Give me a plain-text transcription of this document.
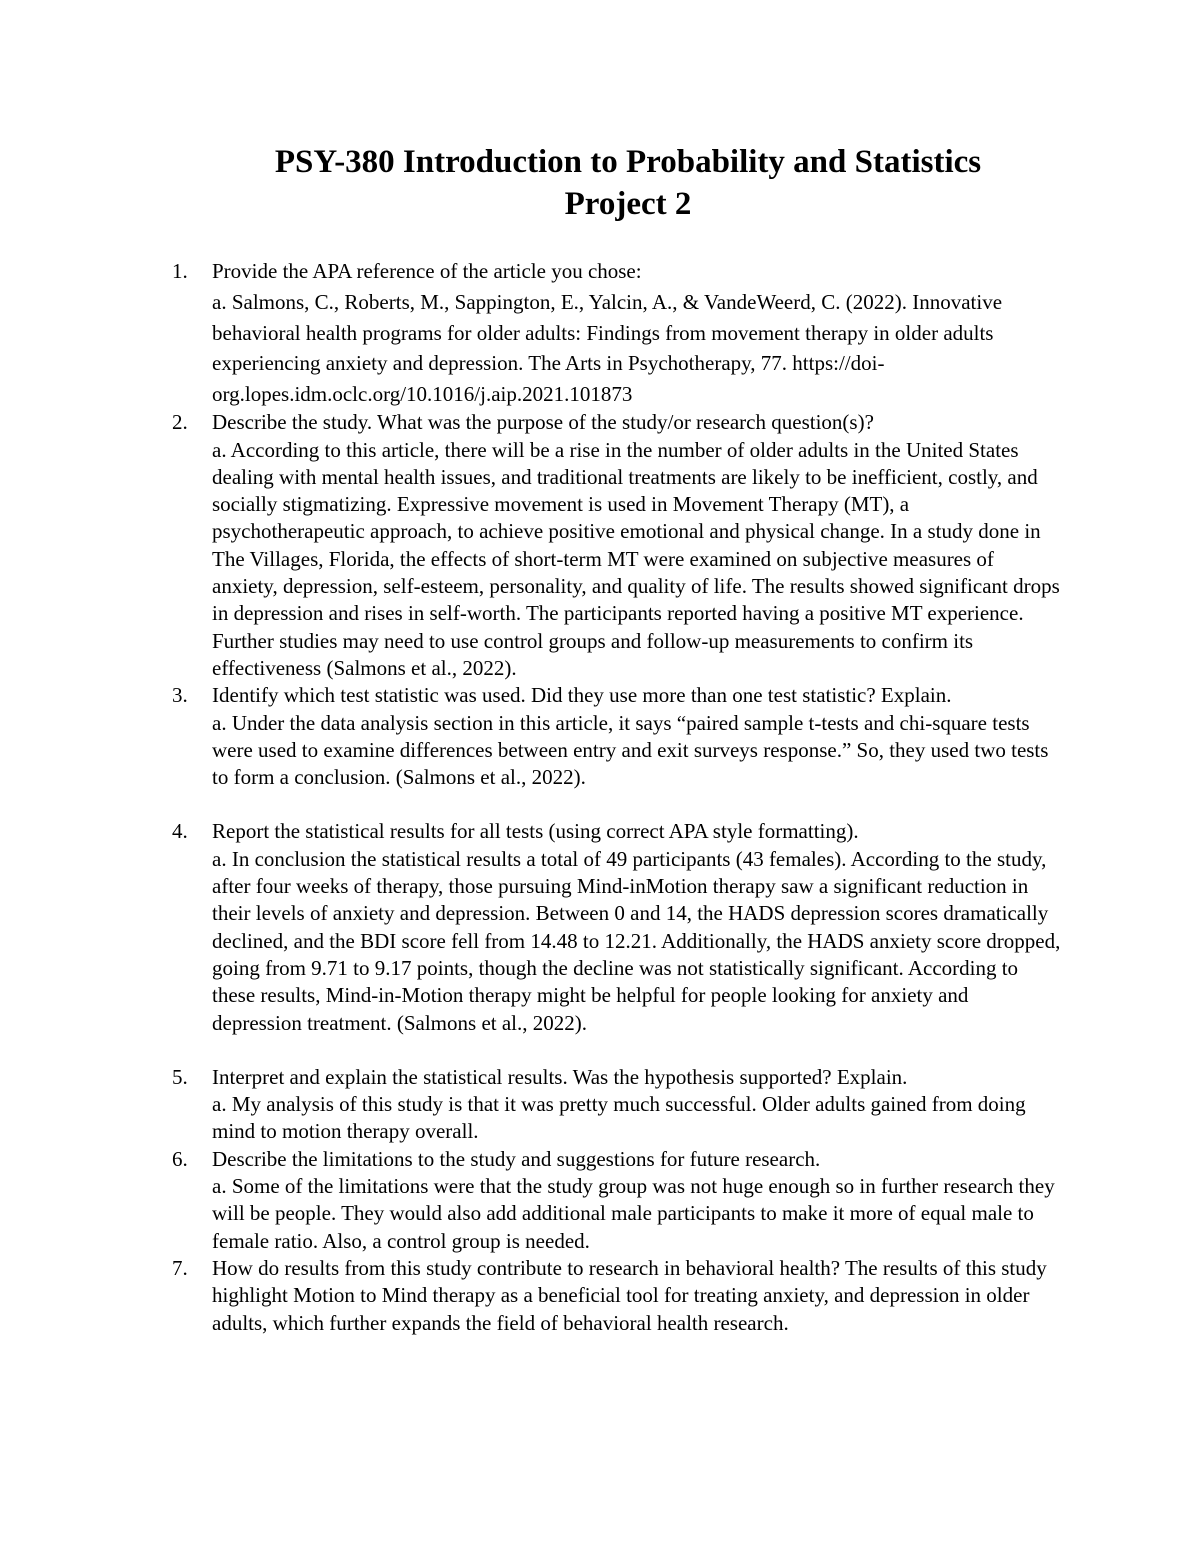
PSY-380 Introduction to Probability and Statistics
Project 2
1. Provide the APA reference of the article you chose:
a. Salmons, C., Roberts, M., Sappington, E., Yalcin, A., & VandeWeerd, C. (2022). Innovative behavioral health programs for older adults: Findings from movement therapy in older adults experiencing anxiety and depression. The Arts in Psychotherapy, 77. https://doi-org.lopes.idm.oclc.org/10.1016/j.aip.2021.101873
2. Describe the study. What was the purpose of the study/or research question(s)?
a. According to this article, there will be a rise in the number of older adults in the United States dealing with mental health issues, and traditional treatments are likely to be inefficient, costly, and socially stigmatizing. Expressive movement is used in Movement Therapy (MT), a psychotherapeutic approach, to achieve positive emotional and physical change. In a study done in The Villages, Florida, the effects of short-term MT were examined on subjective measures of anxiety, depression, self-esteem, personality, and quality of life. The results showed significant drops in depression and rises in self-worth. The participants reported having a positive MT experience. Further studies may need to use control groups and follow-up measurements to confirm its effectiveness (Salmons et al., 2022).
3. Identify which test statistic was used. Did they use more than one test statistic? Explain.
a. Under the data analysis section in this article, it says “paired sample t-tests and chi-square tests were used to examine differences between entry and exit surveys response.” So, they used two tests to form a conclusion. (Salmons et al., 2022).
4. Report the statistical results for all tests (using correct APA style formatting).
a. In conclusion the statistical results a total of 49 participants (43 females). According to the study, after four weeks of therapy, those pursuing Mind-inMotion therapy saw a significant reduction in their levels of anxiety and depression. Between 0 and 14, the HADS depression scores dramatically declined, and the BDI score fell from 14.48 to 12.21. Additionally, the HADS anxiety score dropped, going from 9.71 to 9.17 points, though the decline was not statistically significant. According to these results, Mind-in-Motion therapy might be helpful for people looking for anxiety and depression treatment. (Salmons et al., 2022).
5. Interpret and explain the statistical results. Was the hypothesis supported? Explain.
a. My analysis of this study is that it was pretty much successful. Older adults gained from doing mind to motion therapy overall.
6. Describe the limitations to the study and suggestions for future research.
a. Some of the limitations were that the study group was not huge enough so in further research they will be people. They would also add additional male participants to make it more of equal male to female ratio. Also, a control group is needed.
7. How do results from this study contribute to research in behavioral health? The results of this study highlight Motion to Mind therapy as a beneficial tool for treating anxiety, and depression in older adults, which further expands the field of behavioral health research.
